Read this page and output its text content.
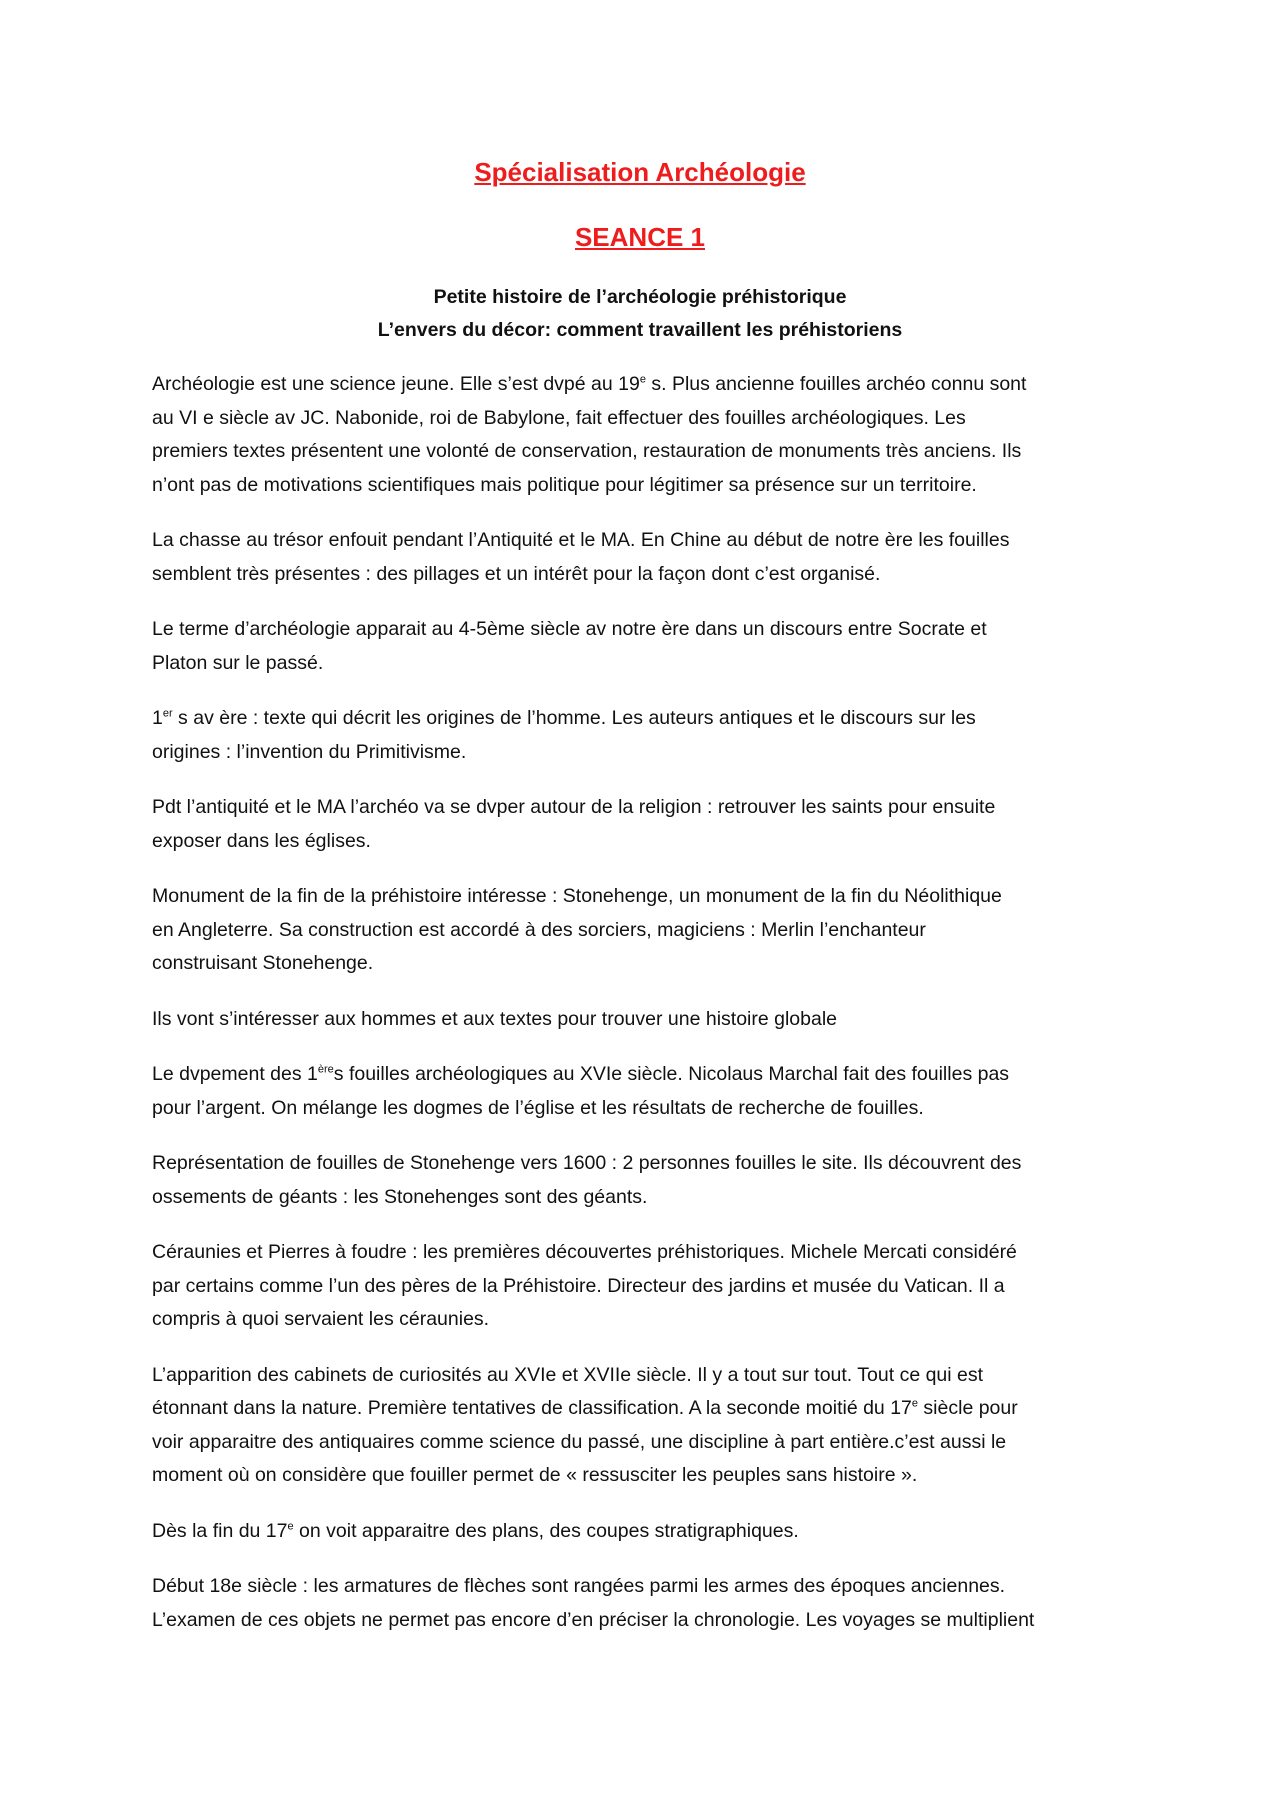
Spécialisation Archéologie
SEANCE 1
Petite histoire de l’archéologie préhistorique
L’envers du décor: comment travaillent les préhistoriens

Archéologie est une science jeune. Elle s’est dvpé au 19e s. Plus ancienne fouilles archéo connu sont
au VI e siècle av JC. Nabonide, roi de Babylone, fait effectuer des fouilles archéologiques. Les
premiers textes présentent une volonté de conservation, restauration de monuments très anciens. Ils
n’ont pas de motivations scientifiques mais politique pour légitimer sa présence sur un territoire.

La chasse au trésor enfouit pendant l’Antiquité et le MA. En Chine au début de notre ère les fouilles
semblent très présentes : des pillages et un intérêt pour la façon dont c’est organisé.

Le terme d’archéologie apparait au 4-5ème siècle av notre ère dans un discours entre Socrate et
Platon sur le passé.

1er s av ère : texte qui décrit les origines de l’homme. Les auteurs antiques et le discours sur les
origines : l’invention du Primitivisme.

Pdt l’antiquité et le MA l’archéo va se dvper autour de la religion : retrouver les saints pour ensuite
exposer dans les églises.

Monument de la fin de la préhistoire intéresse : Stonehenge, un monument de la fin du Néolithique
en Angleterre. Sa construction est accordé à des sorciers, magiciens : Merlin l’enchanteur
construisant Stonehenge.

Ils vont s’intéresser aux hommes et aux textes pour trouver une histoire globale

Le dvpement des 1ères fouilles archéologiques au XVIe siècle. Nicolaus Marchal fait des fouilles pas
pour l’argent. On mélange les dogmes de l’église et les résultats de recherche de fouilles.

Représentation de fouilles de Stonehenge vers 1600 : 2 personnes fouilles le site. Ils découvrent des
ossements de géants : les Stonehenges sont des géants.

Céraunies et Pierres à foudre : les premières découvertes préhistoriques. Michele Mercati considéré
par certains comme l’un des pères de la Préhistoire. Directeur des jardins et musée du Vatican. Il a
compris à quoi servaient les céraunies.

L’apparition des cabinets de curiosités au XVIe et XVIIe siècle. Il y a tout sur tout. Tout ce qui est
étonnant dans la nature. Première tentatives de classification. A la seconde moitié du 17e siècle pour
voir apparaitre des antiquaires comme science du passé, une discipline à part entière.c’est aussi le
moment où on considère que fouiller permet de « ressusciter les peuples sans histoire ».

Dès la fin du 17e on voit apparaitre des plans, des coupes stratigraphiques.

Début 18e siècle : les armatures de flèches sont rangées parmi les armes des époques anciennes.
L’examen de ces objets ne permet pas encore d’en préciser la chronologie. Les voyages se multiplient
